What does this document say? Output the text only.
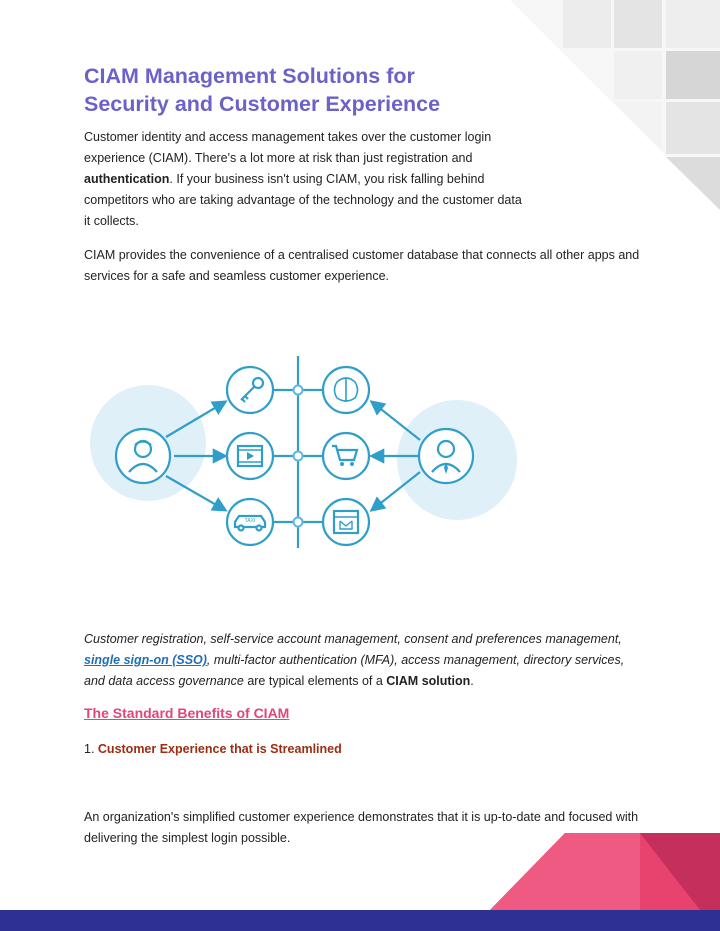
CIAM Management Solutions for
Security and Customer Experience

Customer identity and access management takes over the customer login experience (CIAM). There's a lot more at risk than just registration and authentication. If your business isn't using CIAM, you risk falling behind competitors who are taking advantage of the technology and the customer data it collects.

CIAM provides the convenience of a centralised customer database that connects all other apps and services for a safe and seamless customer experience.

TAXI

Customer registration, self-service account management, consent and preferences management, single sign-on (SSO), multi-factor authentication (MFA), access management, directory services, and data access governance are typical elements of a CIAM solution.

The Standard Benefits of CIAM

1. Customer Experience that is Streamlined

An organization's simplified customer experience demonstrates that it is up-to-date and focused with delivering the simplest login possible.
